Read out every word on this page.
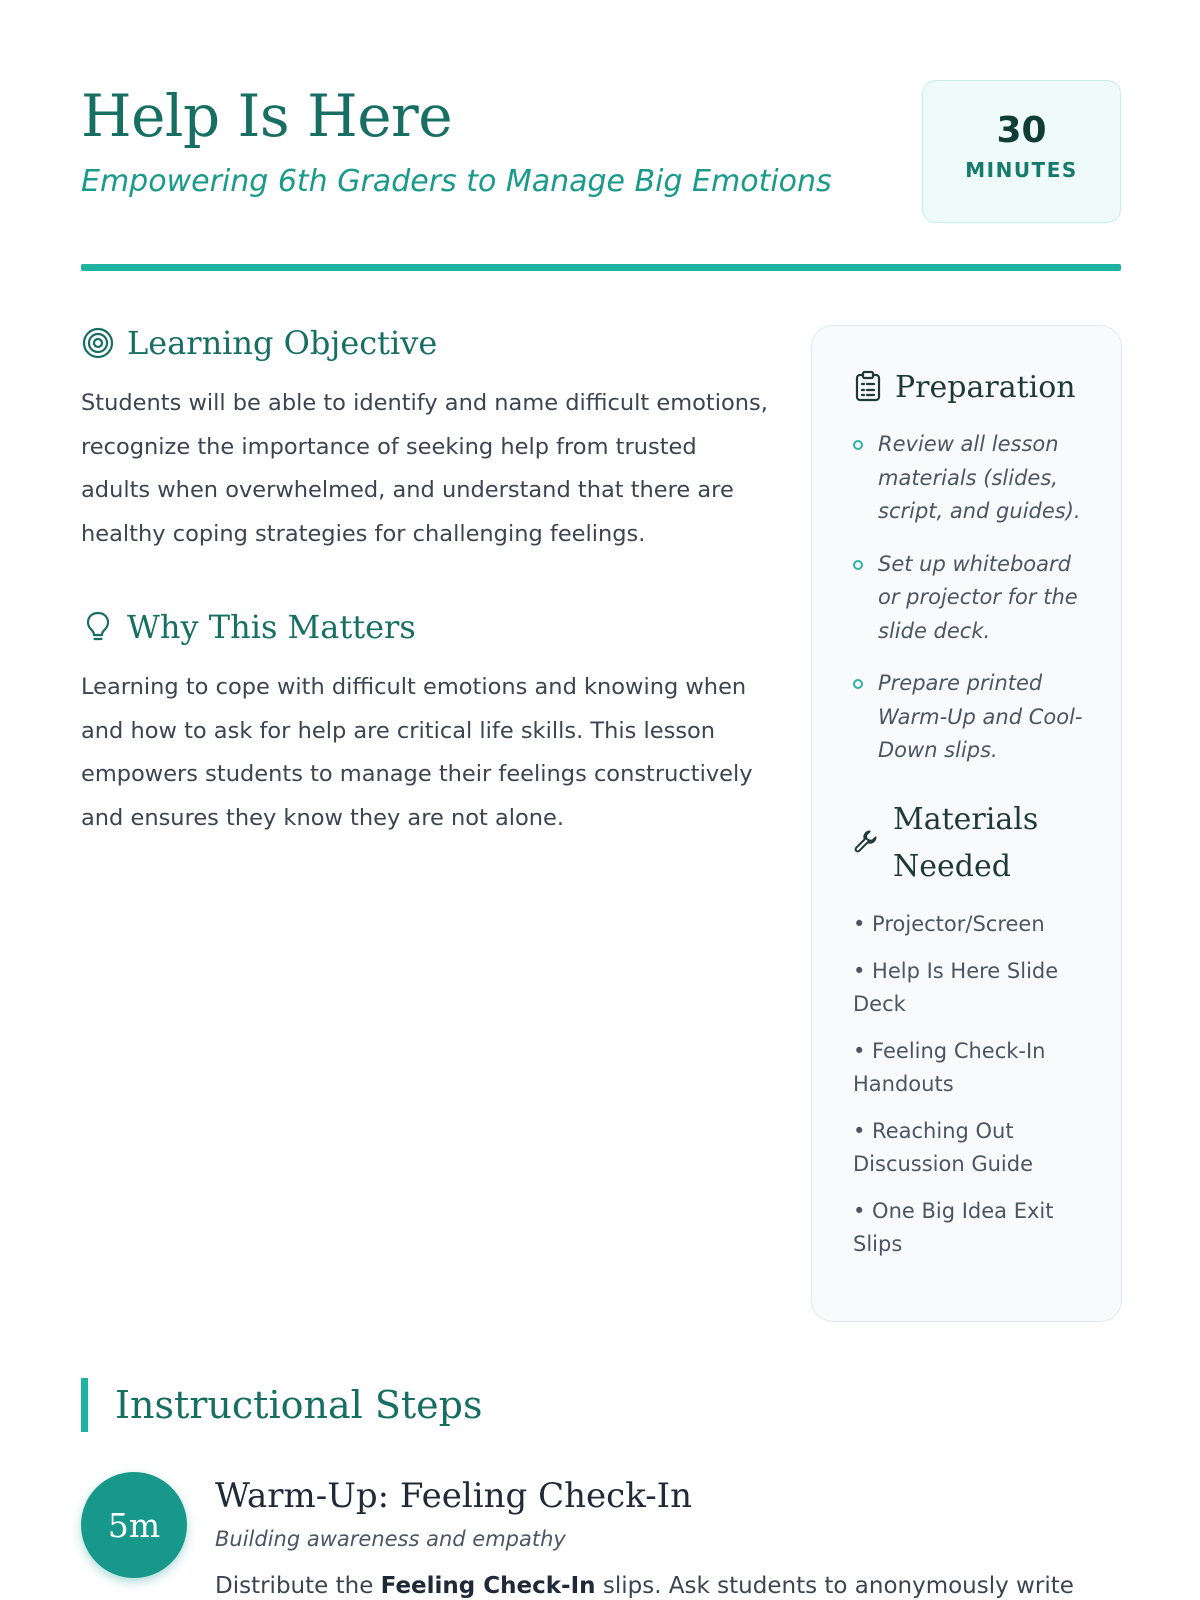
Help Is Here

Empowering 6th Graders to Manage Big Emotions

30
MINUTES
Learning Objective

Students will be able to identify and name difficult emotions, recognize the importance of seeking help from trusted adults when overwhelmed, and understand that there are healthy coping strategies for challenging feelings.

Why This Matters

Learning to cope with difficult emotions and knowing when and how to ask for help are critical life skills. This lesson empowers students to manage their feelings constructively and ensures they know they are not alone.

Preparation
Review all lesson materials (slides, script, and guides).
Set up whiteboard or projector for the slide deck.
Prepare printed Warm-Up and Cool-Down slips.
Materials Needed
• Projector/Screen
• Help Is Here Slide Deck
• Feeling Check-In Handouts
• Reaching Out Discussion Guide
• One Big Idea Exit Slips
Instructional Steps
5m
Warm-Up: Feeling Check-In

Building awareness and empathy

Distribute the Feeling Check-In slips. Ask students to anonymously write
